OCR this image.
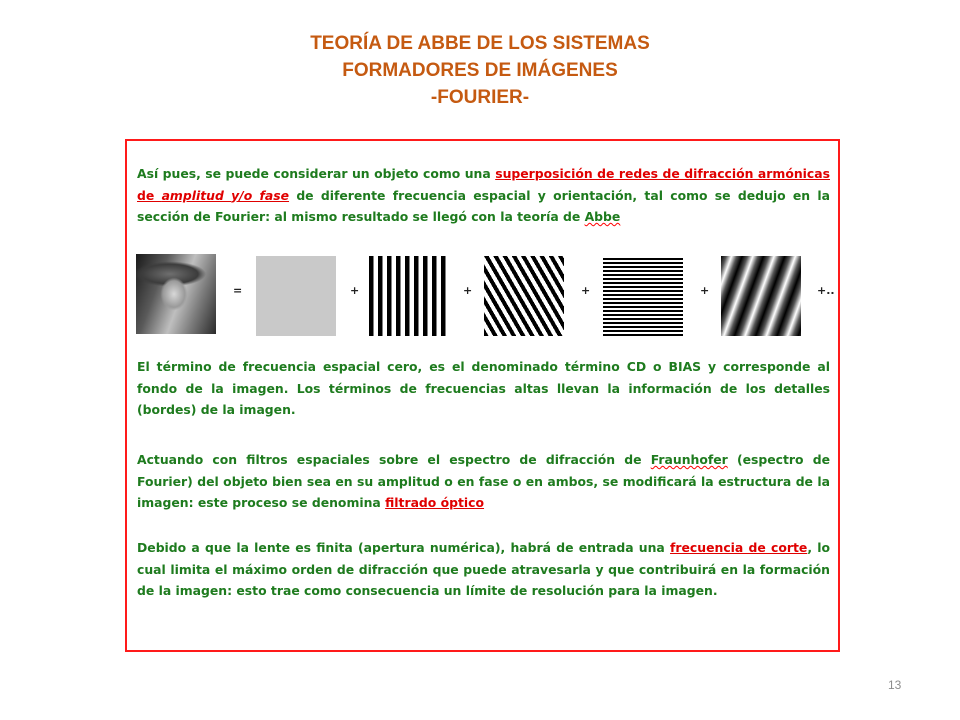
TEORÍA DE ABBE DE LOS SISTEMAS
FORMADORES DE IMÁGENES
-FOURIER-
Así pues, se puede considerar un objeto como una superposición de redes de difracción armónicas de amplitud y/o fase de diferente frecuencia espacial y orientación, tal como se dedujo en la sección de Fourier: al mismo resultado se llegó con la teoría de Abbe
=	+	+	+	+	+..
El término de frecuencia espacial cero, es el denominado término CD o BIAS y corresponde al fondo de la imagen. Los términos de frecuencias altas llevan la información de los detalles (bordes) de la imagen.
Actuando con filtros espaciales sobre el espectro de difracción de Fraunhofer (espectro de Fourier) del objeto bien sea en su amplitud o en fase o en ambos, se modificará la estructura de la imagen: este proceso se denomina filtrado óptico
Debido a que la lente es finita (apertura numérica), habrá de entrada una frecuencia de corte, lo cual limita el máximo orden de difracción que puede atravesarla y que contribuirá en la formación de la imagen: esto trae como consecuencia un límite de resolución para la imagen.
13
